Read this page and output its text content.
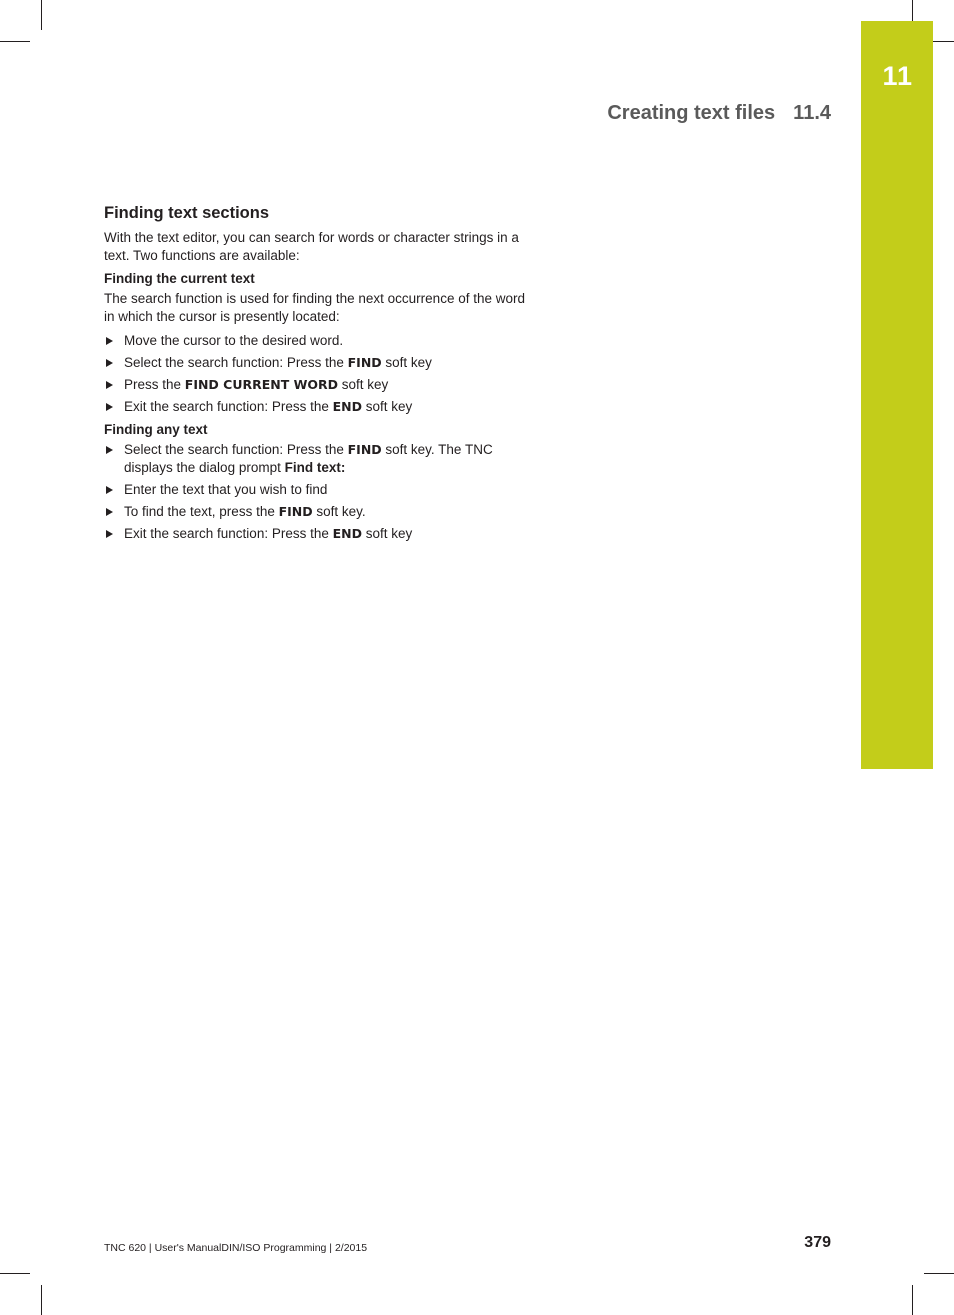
11
Creating text files 11.4
Finding text sections

With the text editor, you can search for words or character strings in a text. Two functions are available:

Finding the current text

The search function is used for finding the next occurrence of the word in which the cursor is presently located:

Move the cursor to the desired word.
Select the search function: Press the FIND soft key
Press the FIND CURRENT WORD soft key
Exit the search function: Press the END soft key
Finding any text
Select the search function: Press the FIND soft key. The TNC displays the dialog prompt Find text:
Enter the text that you wish to find
To find the text, press the FIND soft key.
Exit the search function: Press the END soft key
TNC 620 | User's ManualDIN/ISO Programming | 2/2015	379
